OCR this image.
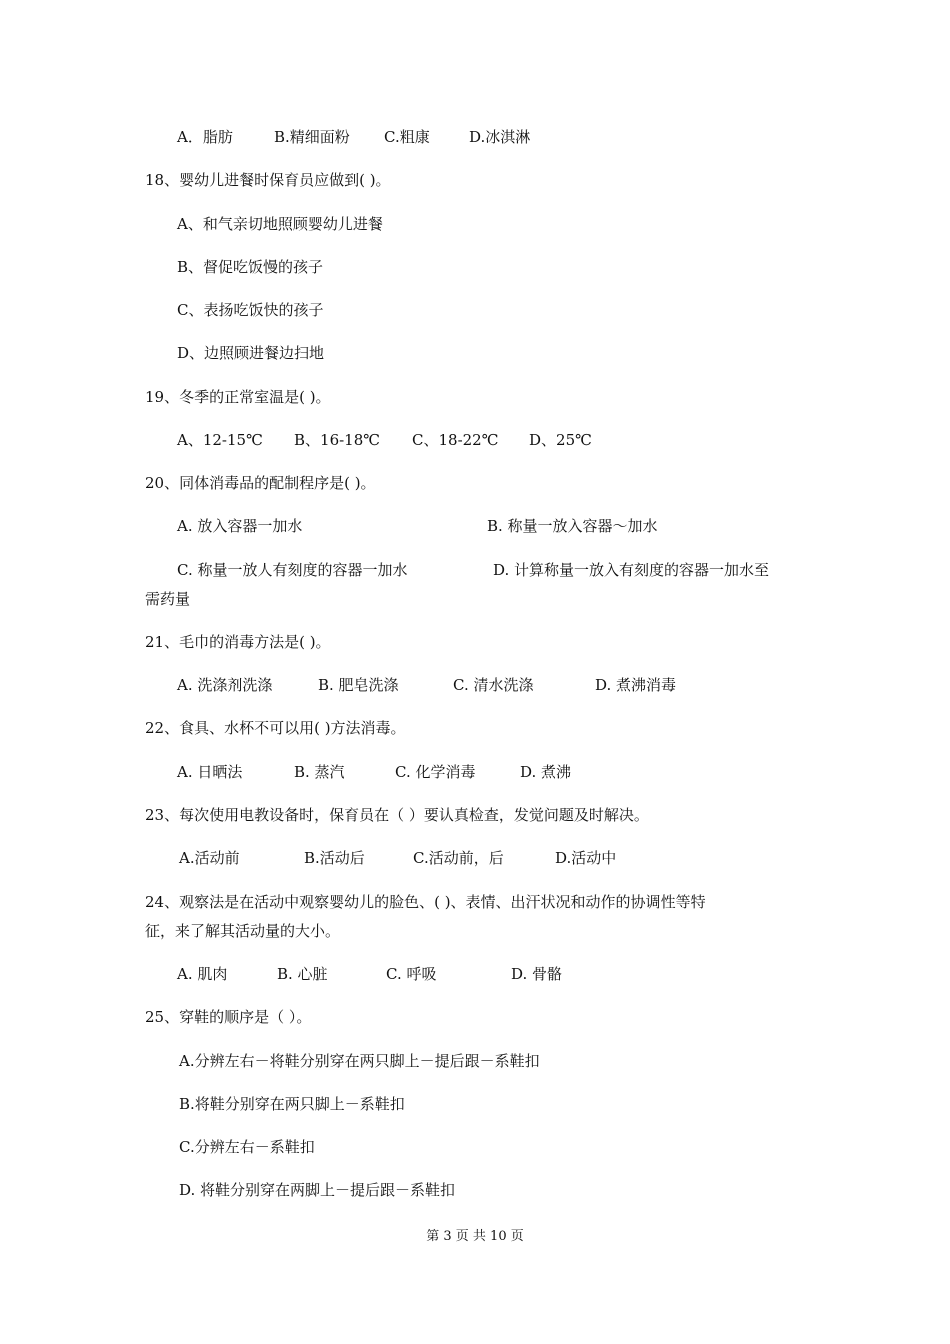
A．脂肪	B.精细面粉 C.粗康	D.冰淇淋
18、婴幼儿进餐时保育员应做到( )。
A、和气亲切地照顾婴幼儿进餐
B、督促吃饭慢的孩子
C、表扬吃饭快的孩子
D、边照顾进餐边扫地
19、冬季的正常室温是( )。
A、12-15℃ B、16-18℃ C、18-22℃ D、25℃
20、同体消毒品的配制程序是( )。
A. 放入容器一加水	B. 称量一放入容器～加水
C. 称量一放人有刻度的容器一加水	D. 计算称量一放入有刻度的容器一加水至
需药量
21、毛巾的消毒方法是( )。
A. 洗涤剂洗涤	B. 肥皂洗涤	C. 清水洗涤	D. 煮沸消毒
22、食具、水杯不可以用( )方法消毒。
A. 日晒法	B. 蒸汽	C. 化学消毒	D. 煮沸
23、每次使用电教设备时，保育员在（ ）要认真检查，发觉问题及时解决。
A.活动前	B.活动后	C.活动前，后	D.活动中
24、观察法是在活动中观察婴幼儿的脸色、( )、表情、出汗状况和动作的协调性等特
征，来了解其活动量的大小。
A. 肌肉	B. 心脏	C. 呼吸	D. 骨骼
25、穿鞋的顺序是（ ）。
A.分辨左右－将鞋分别穿在两只脚上－提后跟－系鞋扣
B.将鞋分别穿在两只脚上－系鞋扣
C.分辨左右－系鞋扣
D. 将鞋分别穿在两脚上－提后跟－系鞋扣
第 3 页 共 10 页
